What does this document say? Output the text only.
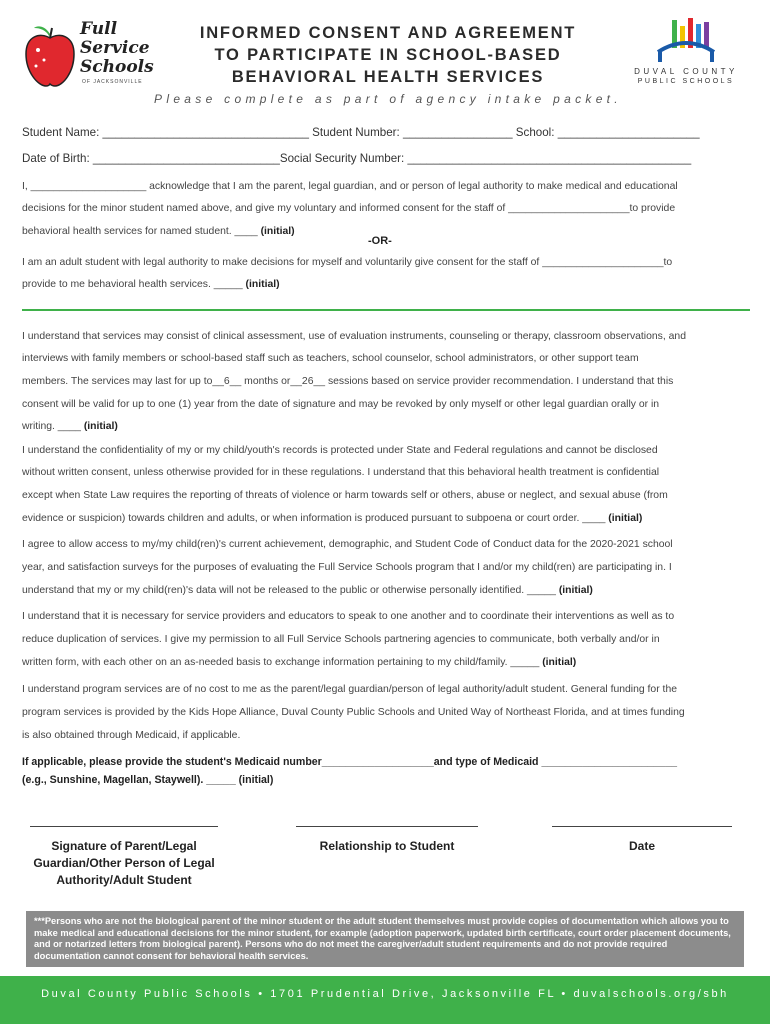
Full
Service
Schools
OF JACKSONVILLE
INFORMED CONSENT AND AGREEMENT
TO PARTICIPATE IN SCHOOL-BASED
BEHAVIORAL HEALTH SERVICES
Please complete as part of agency intake packet.
DUVAL COUNTY
PUBLIC SCHOOLS
Student Name: ________________________________ Student Number: _________________ School: ______________________
Date of Birth: _____________________________Social Security Number: ____________________________________________
I, ____________________ acknowledge that I am the parent, legal guardian, and or person of legal authority to make medical and educational
decisions for the minor student named above, and give my voluntary and informed consent for the staff of _____________________to provide
behavioral health services for named student. ____ (initial)
-OR-
I am an adult student with legal authority to make decisions for myself and voluntarily give consent for the staff of _____________________to
provide to me behavioral health services. _____ (initial)
I understand that services may consist of clinical assessment, use of evaluation instruments, counseling or therapy, classroom observations, and
interviews with family members or school-based staff such as teachers, school counselor, school administrators, or other support team
members. The services may last for up to__6__ months or__26__ sessions based on service provider recommendation. I understand that this
consent will be valid for up to one (1) year from the date of signature and may be revoked by only myself or other legal guardian orally or in
writing. ____ (initial)
I understand the confidentiality of my or my child/youth's records is protected under State and Federal regulations and cannot be disclosed
without written consent, unless otherwise provided for in these regulations. I understand that this behavioral health treatment is confidential
except when State Law requires the reporting of threats of violence or harm towards self or others, abuse or neglect, and sexual abuse (from
evidence or suspicion) towards children and adults, or when information is produced pursuant to subpoena or court order. ____ (initial)
I agree to allow access to my/my child(ren)'s current achievement, demographic, and Student Code of Conduct data for the 2020-2021 school
year, and satisfaction surveys for the purposes of evaluating the Full Service Schools program that I and/or my child(ren) are participating in. I
understand that my or my child(ren)'s data will not be released to the public or otherwise personally identified. _____ (initial)
I understand that it is necessary for service providers and educators to speak to one another and to coordinate their interventions as well as to
reduce duplication of services. I give my permission to all Full Service Schools partnering agencies to communicate, both verbally and/or in
written form, with each other on an as-needed basis to exchange information pertaining to my child/family. _____ (initial)
I understand program services are of no cost to me as the parent/legal guardian/person of legal authority/adult student. General funding for the
program services is provided by the Kids Hope Alliance, Duval County Public Schools and United Way of Northeast Florida, and at times funding
is also obtained through Medicaid, if applicable.
If applicable, please provide the student's Medicaid number___________________and type of Medicaid _______________________
(e.g., Sunshine, Magellan, Staywell). _____ (initial)
Signature of Parent/Legal
Guardian/Other Person of Legal
Authority/Adult Student
Relationship to Student	Date
***Persons who are not the biological parent of the minor student or the adult student themselves must provide copies of documentation which allows you to make medical and educational decisions for the minor student, for example (adoption paperwork, updated birth certificate, court order placement documents, and or notarized letters from biological parent). Persons who do not meet the caregiver/adult student requirements and do not provide required documentation cannot consent for behavioral health services.
Duval County Public Schools • 1701 Prudential Drive, Jacksonville FL • duvalschools.org/sbh
